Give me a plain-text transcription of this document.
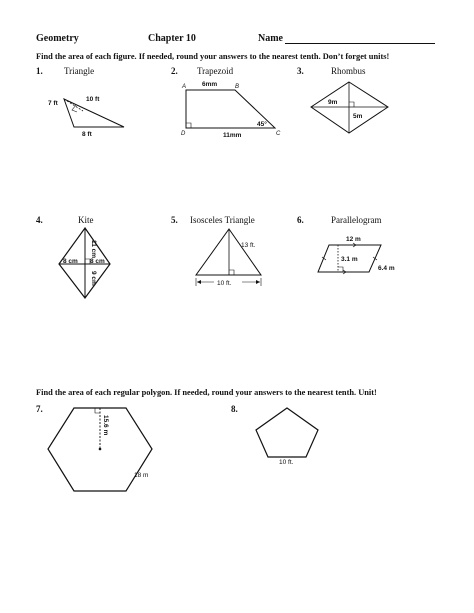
Geometry	Chapter 10	Name
Find the area of each figure. If needed, round your answers to the nearest tenth. Don’t forget units!
1. Triangle	2. Trapezoid	3.	Rhombus
7 ft
10 ft
8 ft
6mm
11mm
45°
A	B
C
D
9m
5m
4.	Kite	5. Isosceles Triangle	6.	Parallelogram
11 cm
9 cm
8 cm 8 cm
13 ft.
10 ft.
12 m
3.1 m
6.4 m
Find the area of each regular polygon. If needed, round your answers to the nearest tenth. Unit!
7.	8.
15.6 m
18 m
10 ft.
